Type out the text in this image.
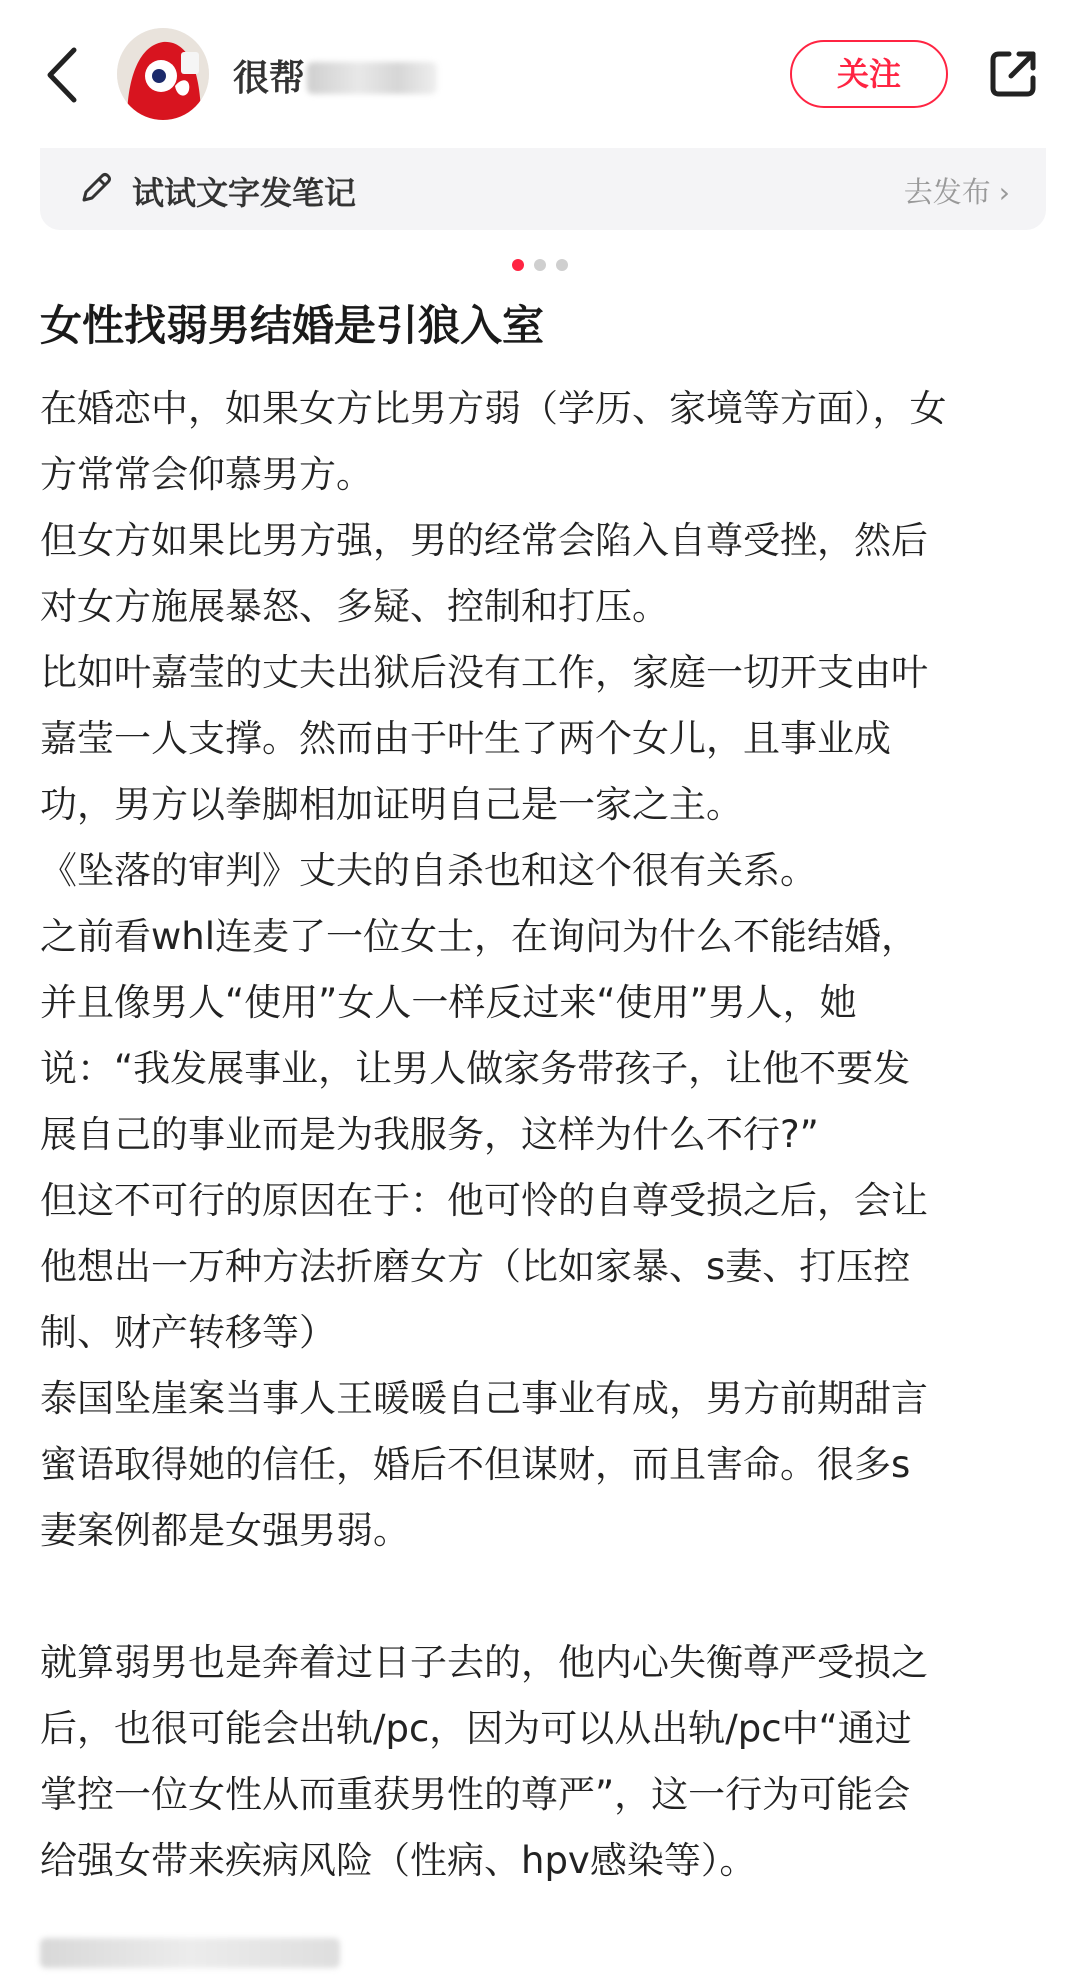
很帮	关注
试试文字发笔记	去发布 ›
女性找弱男结婚是引狼入室
在婚恋中，如果女方比男方弱（学历、家境等方面），女
方常常会仰慕男方。
但女方如果比男方强，男的经常会陷入自尊受挫，然后
对女方施展暴怒、多疑、控制和打压。
比如叶嘉莹的丈夫出狱后没有工作，家庭一切开支由叶
嘉莹一人支撑。然而由于叶生了两个女儿，且事业成
功，男方以拳脚相加证明自己是一家之主。
《坠落的审判》丈夫的自杀也和这个很有关系。
之前看whl连麦了一位女士，在询问为什么不能结婚，
并且像男人“使用”女人一样反过来“使用”男人，她
说：“我发展事业，让男人做家务带孩子，让他不要发
展自己的事业而是为我服务，这样为什么不行?”
但这不可行的原因在于：他可怜的自尊受损之后，会让
他想出一万种方法折磨女方（比如家暴、s妻、打压控
制、财产转移等）
泰国坠崖案当事人王暖暖自己事业有成，男方前期甜言
蜜语取得她的信任，婚后不但谋财，而且害命。很多s
妻案例都是女强男弱。
就算弱男也是奔着过日子去的，他内心失衡尊严受损之
后，也很可能会出轨/pc，因为可以从出轨/pc中“通过
掌控一位女性从而重获男性的尊严”，这一行为可能会
给强女带来疾病风险（性病、hpv感染等）。
